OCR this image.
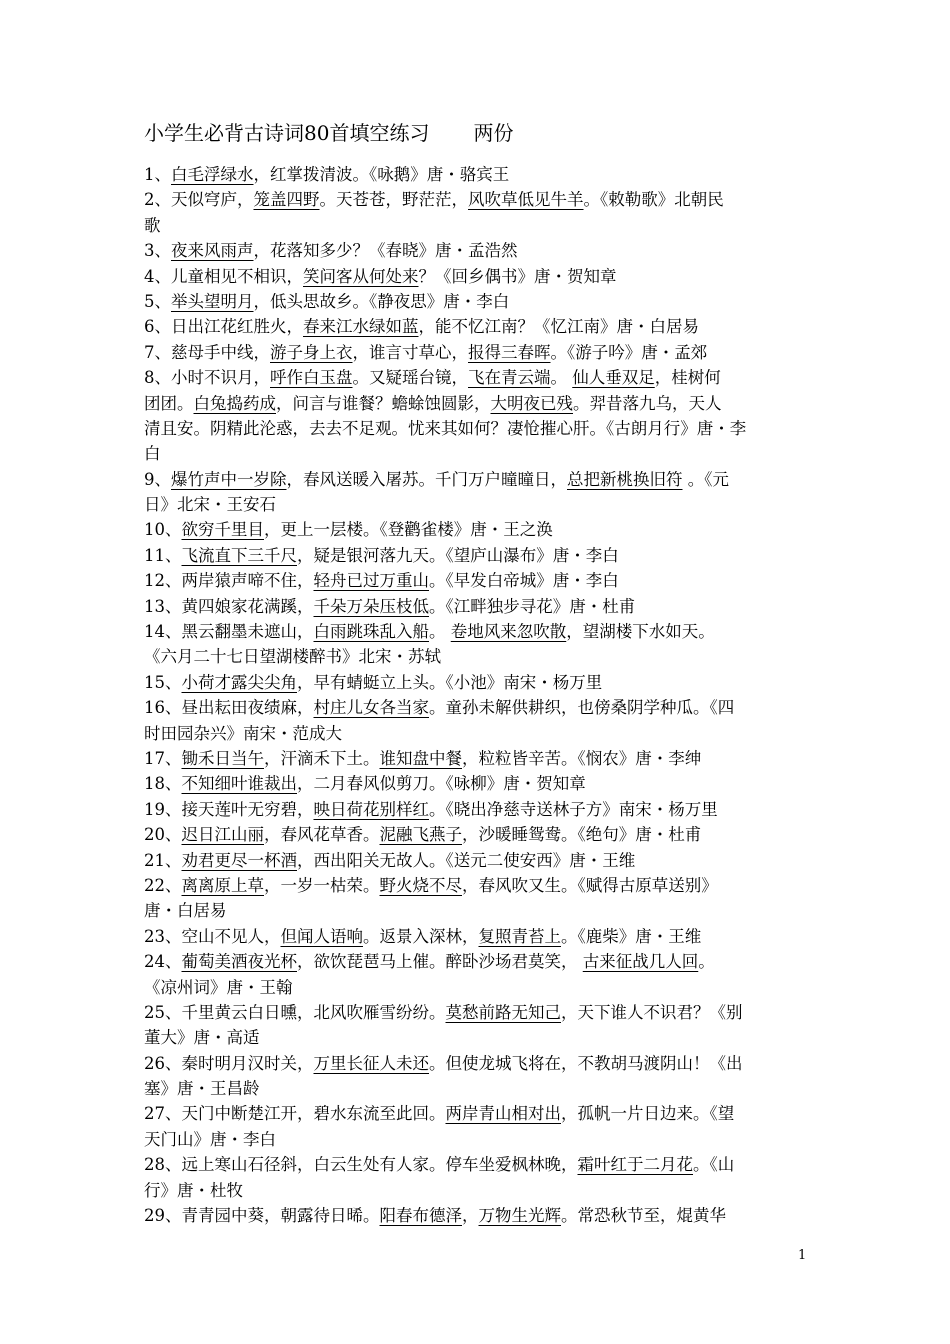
小学生必背古诗词80首填空练习 两份
1、白毛浮绿水，红掌拨清波。《咏鹅》唐・骆宾王
2、天似穹庐，笼盖四野。天苍苍，野茫茫，风吹草低见牛羊。《敕勒歌》北朝民
歌
3、夜来风雨声，花落知多少？《春晓》唐・孟浩然
4、儿童相见不相识，笑问客从何处来？《回乡偶书》唐・贺知章
5、举头望明月，低头思故乡。《静夜思》唐・李白
6、日出江花红胜火，春来江水绿如蓝，能不忆江南？《忆江南》唐・白居易
7、慈母手中线，游子身上衣，谁言寸草心，报得三春晖。《游子吟》唐・孟郊
8、小时不识月，呼作白玉盘。又疑瑶台镜，飞在青云端。 仙人垂双足，桂树何
团团。白兔捣药成，问言与谁餐？蟾蜍蚀圆影，大明夜已残。羿昔落九乌，天人
清且安。阴精此沦惑，去去不足观。忧来其如何？凄怆摧心肝。《古朗月行》唐・李
白
9、爆竹声中一岁除，春风送暖入屠苏。千门万户曈曈日，总把新桃换旧符 。《元
日》北宋・王安石
10、欲穷千里目，更上一层楼。《登鹳雀楼》唐・王之涣
11、飞流直下三千尺，疑是银河落九天。《望庐山瀑布》唐・李白
12、两岸猿声啼不住，轻舟已过万重山。《早发白帝城》唐・李白
13、黄四娘家花满蹊，千朵万朵压枝低。《江畔独步寻花》唐・杜甫
14、黑云翻墨未遮山，白雨跳珠乱入船。 卷地风来忽吹散，望湖楼下水如天。
《六月二十七日望湖楼醉书》北宋・苏轼
15、小荷才露尖尖角，早有蜻蜓立上头。《小池》南宋・杨万里
16、昼出耘田夜绩麻，村庄儿女各当家。童孙未解供耕织，也傍桑阴学种瓜。《四
时田园杂兴》南宋・范成大
17、锄禾日当午，汗滴禾下土。谁知盘中餐，粒粒皆辛苦。《悯农》唐・李绅
18、不知细叶谁裁出，二月春风似剪刀。《咏柳》唐・贺知章
19、接天莲叶无穷碧，映日荷花别样红。《晓出净慈寺送林子方》南宋・杨万里
20、迟日江山丽，春风花草香。泥融飞燕子，沙暖睡鸳鸯。《绝句》唐・杜甫
21、劝君更尽一杯酒，西出阳关无故人。《送元二使安西》唐・王维
22、离离原上草，一岁一枯荣。野火烧不尽，春风吹又生。《赋得古原草送别》
唐・白居易
23、空山不见人，但闻人语响。返景入深林，复照青苔上。《鹿柴》唐・王维
24、葡萄美酒夜光杯，欲饮琵琶马上催。醉卧沙场君莫笑， 古来征战几人回。
《凉州词》唐・王翰
25、千里黄云白日曛，北风吹雁雪纷纷。莫愁前路无知己，天下谁人不识君？《别
董大》唐・高适
26、秦时明月汉时关，万里长征人未还。但使龙城飞将在，不教胡马渡阴山！《出
塞》唐・王昌龄
27、天门中断楚江开，碧水东流至此回。两岸青山相对出，孤帆一片日边来。《望
天门山》唐・李白
28、远上寒山石径斜，白云生处有人家。停车坐爱枫林晚，霜叶红于二月花。《山
行》唐・杜牧
29、青青园中葵，朝露待日晞。阳春布德泽，万物生光辉。常恐秋节至，焜黄华
1
